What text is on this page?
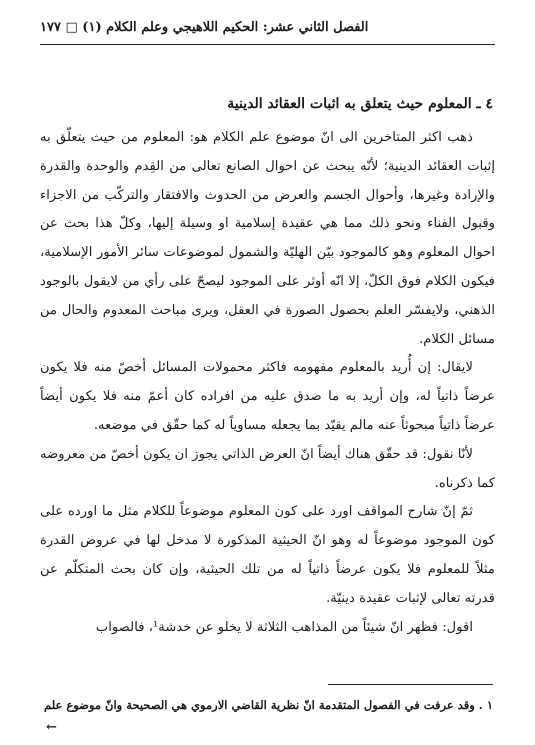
الفصل الثاني عشر: الحكيم اللاهيجي وعلم الكلام (١) □ ١٧٧
٤ ـ المعلوم حيث يتعلق به اثبات العقائد الدينية

ذهب اكثر المتاخرين الى انّ موضوع علم الكلام هو: المعلوم من حيث يتعلّق به إثبات العقائد الدينية؛ لأنّه يبحث عن احوال الصانع تعالى من القِدم والوحدة والقدرة والإرادة وغيرها، وأحوال الجسم والعرض من الحدوث والافتقار والتركّب من الاجزاء وقبول الفناء ونحو ذلك مما هي عقيدة إسلامية او وسيلة إليها، وكلّ هذا بحث عن احوال المعلوم وهو كالموجود بيّن الهليّة والشمول لموضوعات سائر الأمور الإسلامية، فيكون الكلام فوق الكلّ، إلا انّه أوثر على الموجود ليصحّ على رأي من لايقول بالوجود الذهني، ولايفسّر العلم بحصول الصورة في العقل، ويرى مباحث المعدوم والحال من مسائل الكلام.

لايقال: إن أُريد بالمعلوم مفهومه فاكثر محمولات المسائل أخصّ منه فلا يكون عرضاً ذاتياً له، وإن أريد به ما صدق عليه من افراده كان أعمّ منه فلا يكون أيضاً عرضاً ذاتياً مبحوثاً عنه مالم يقيّد بما يجعله مساوياً له كما حقّق في موضعه.

لأنّا نقول: قد حقّق هناك أيضاً انّ العرض الذاتي يجوز ان يكون أخصّ من معروضه كما ذكرناه.

ثمّ إنّ شارح المواقف اورد على كون المعلوم موضوعاً للكلام مثل ما اورده على كون الموجود موضوعاً له وهو انّ الحيثية المذكورة لا مدخل لها في عروض القدرة مثلاً للمعلوم فلا يكون عرضاً ذاتياً له من تلك الحيثية، وإن كان بحث المتكلّم عن قدرته تعالى لإثبات عقيدة دينيّة.

اقول: فظهر انّ شيئاً من المذاهب الثلاثة لا يخلو عن خدشة¹، فالصواب

١ . وقد عرفت في الفصول المتقدمة انّ نظرية القاضي الارموي هي الصحيحة وانّ موضوع علم
←
